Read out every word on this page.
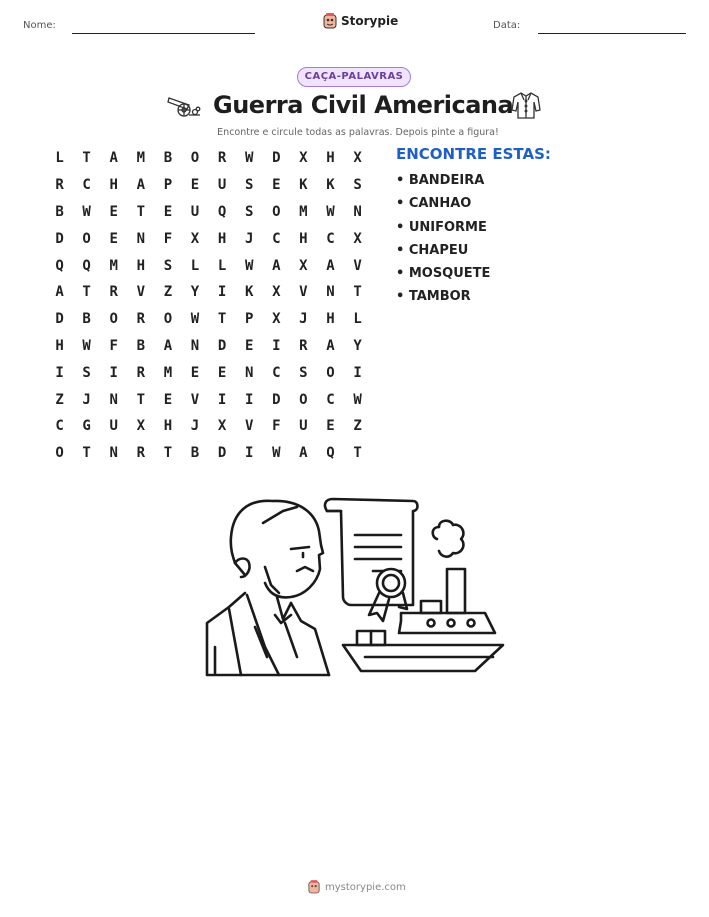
Nome:	Storypie	Data:
CAÇA-PALAVRAS
Guerra Civil Americana
Encontre e circule todas as palavras. Depois pinte a figura!
L	T	A	M	B	O	R	W	D	X	H	X
R	C	H	A	P	E	U	S	E	K	K	S
B	W	E	T	E	U	Q	S	O	M	W	N
D	O	E	N	F	X	H	J	C	H	C	X
Q	Q	M	H	S	L	L	W	A	X	A	V
A	T	R	V	Z	Y	I	K	X	V	N	T
D	B	O	R	O	W	T	P	X	J	H	L
H	W	F	B	A	N	D	E	I	R	A	Y
I	S	I	R	M	E	E	N	C	S	O	I
Z	J	N	T	E	V	I	I	D	O	C	W
C	G	U	X	H	J	X	V	F	U	E	Z
O	T	N	R	T	B	D	I	W	A	Q	T
ENCONTRE ESTAS:
• BANDEIRA
• CANHAO
• UNIFORME
• CHAPEU
• MOSQUETE
• TAMBOR
mystorypie.com
